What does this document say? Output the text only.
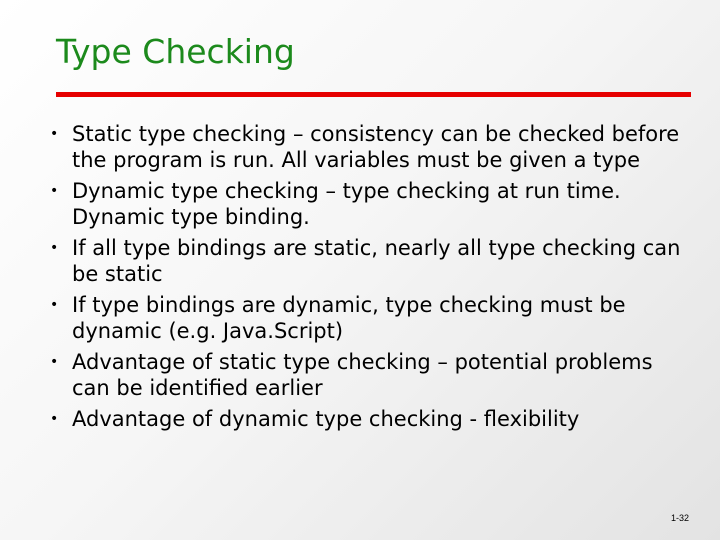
Type Checking
• Static type checking – consistency can be checked before the program is run. All variables must be given a type
• Dynamic type checking – type checking at run time. Dynamic type binding.
• If all type bindings are static, nearly all type checking can be static
• If type bindings are dynamic, type checking must be dynamic (e.g. Java.Script)
• Advantage of static type checking – potential problems can be identified earlier
• Advantage of dynamic type checking - flexibility
1-32
